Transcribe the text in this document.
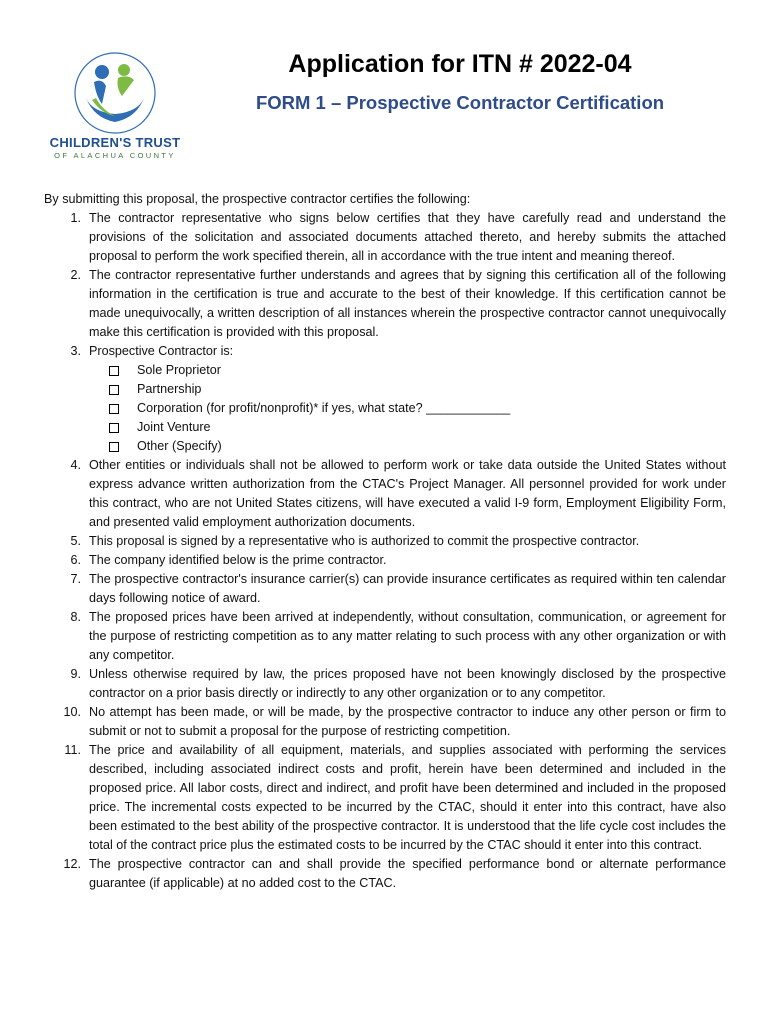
CHILDREN'S TRUST
OF ALACHUA COUNTY
Application for ITN # 2022-04
FORM 1 – Prospective Contractor Certification
By submitting this proposal, the prospective contractor certifies the following:
1. The contractor representative who signs below certifies that they have carefully read and understand the provisions of the solicitation and associated documents attached thereto, and hereby submits the attached proposal to perform the work specified therein, all in accordance with the true intent and meaning thereof.
2. The contractor representative further understands and agrees that by signing this certification all of the following information in the certification is true and accurate to the best of their knowledge. If this certification cannot be made unequivocally, a written description of all instances wherein the prospective contractor cannot unequivocally make this certification is provided with this proposal.
3. Prospective Contractor is:
Sole Proprietor
Partnership
Corporation (for profit/nonprofit)* if yes, what state? ____________
Joint Venture
Other (Specify)
4. Other entities or individuals shall not be allowed to perform work or take data outside the United States without express advance written authorization from the CTAC's Project Manager. All personnel provided for work under this contract, who are not United States citizens, will have executed a valid I-9 form, Employment Eligibility Form, and presented valid employment authorization documents.
5. This proposal is signed by a representative who is authorized to commit the prospective contractor.
6. The company identified below is the prime contractor.
7. The prospective contractor's insurance carrier(s) can provide insurance certificates as required within ten calendar days following notice of award.
8. The proposed prices have been arrived at independently, without consultation, communication, or agreement for the purpose of restricting competition as to any matter relating to such process with any other organization or with any competitor.
9. Unless otherwise required by law, the prices proposed have not been knowingly disclosed by the prospective contractor on a prior basis directly or indirectly to any other organization or to any competitor.
10. No attempt has been made, or will be made, by the prospective contractor to induce any other person or firm to submit or not to submit a proposal for the purpose of restricting competition.
11. The price and availability of all equipment, materials, and supplies associated with performing the services described, including associated indirect costs and profit, herein have been determined and included in the proposed price. All labor costs, direct and indirect, and profit have been determined and included in the proposed price. The incremental costs expected to be incurred by the CTAC, should it enter into this contract, have also been estimated to the best ability of the prospective contractor. It is understood that the life cycle cost includes the total of the contract price plus the estimated costs to be incurred by the CTAC should it enter into this contract.
12. The prospective contractor can and shall provide the specified performance bond or alternate performance guarantee (if applicable) at no added cost to the CTAC.
